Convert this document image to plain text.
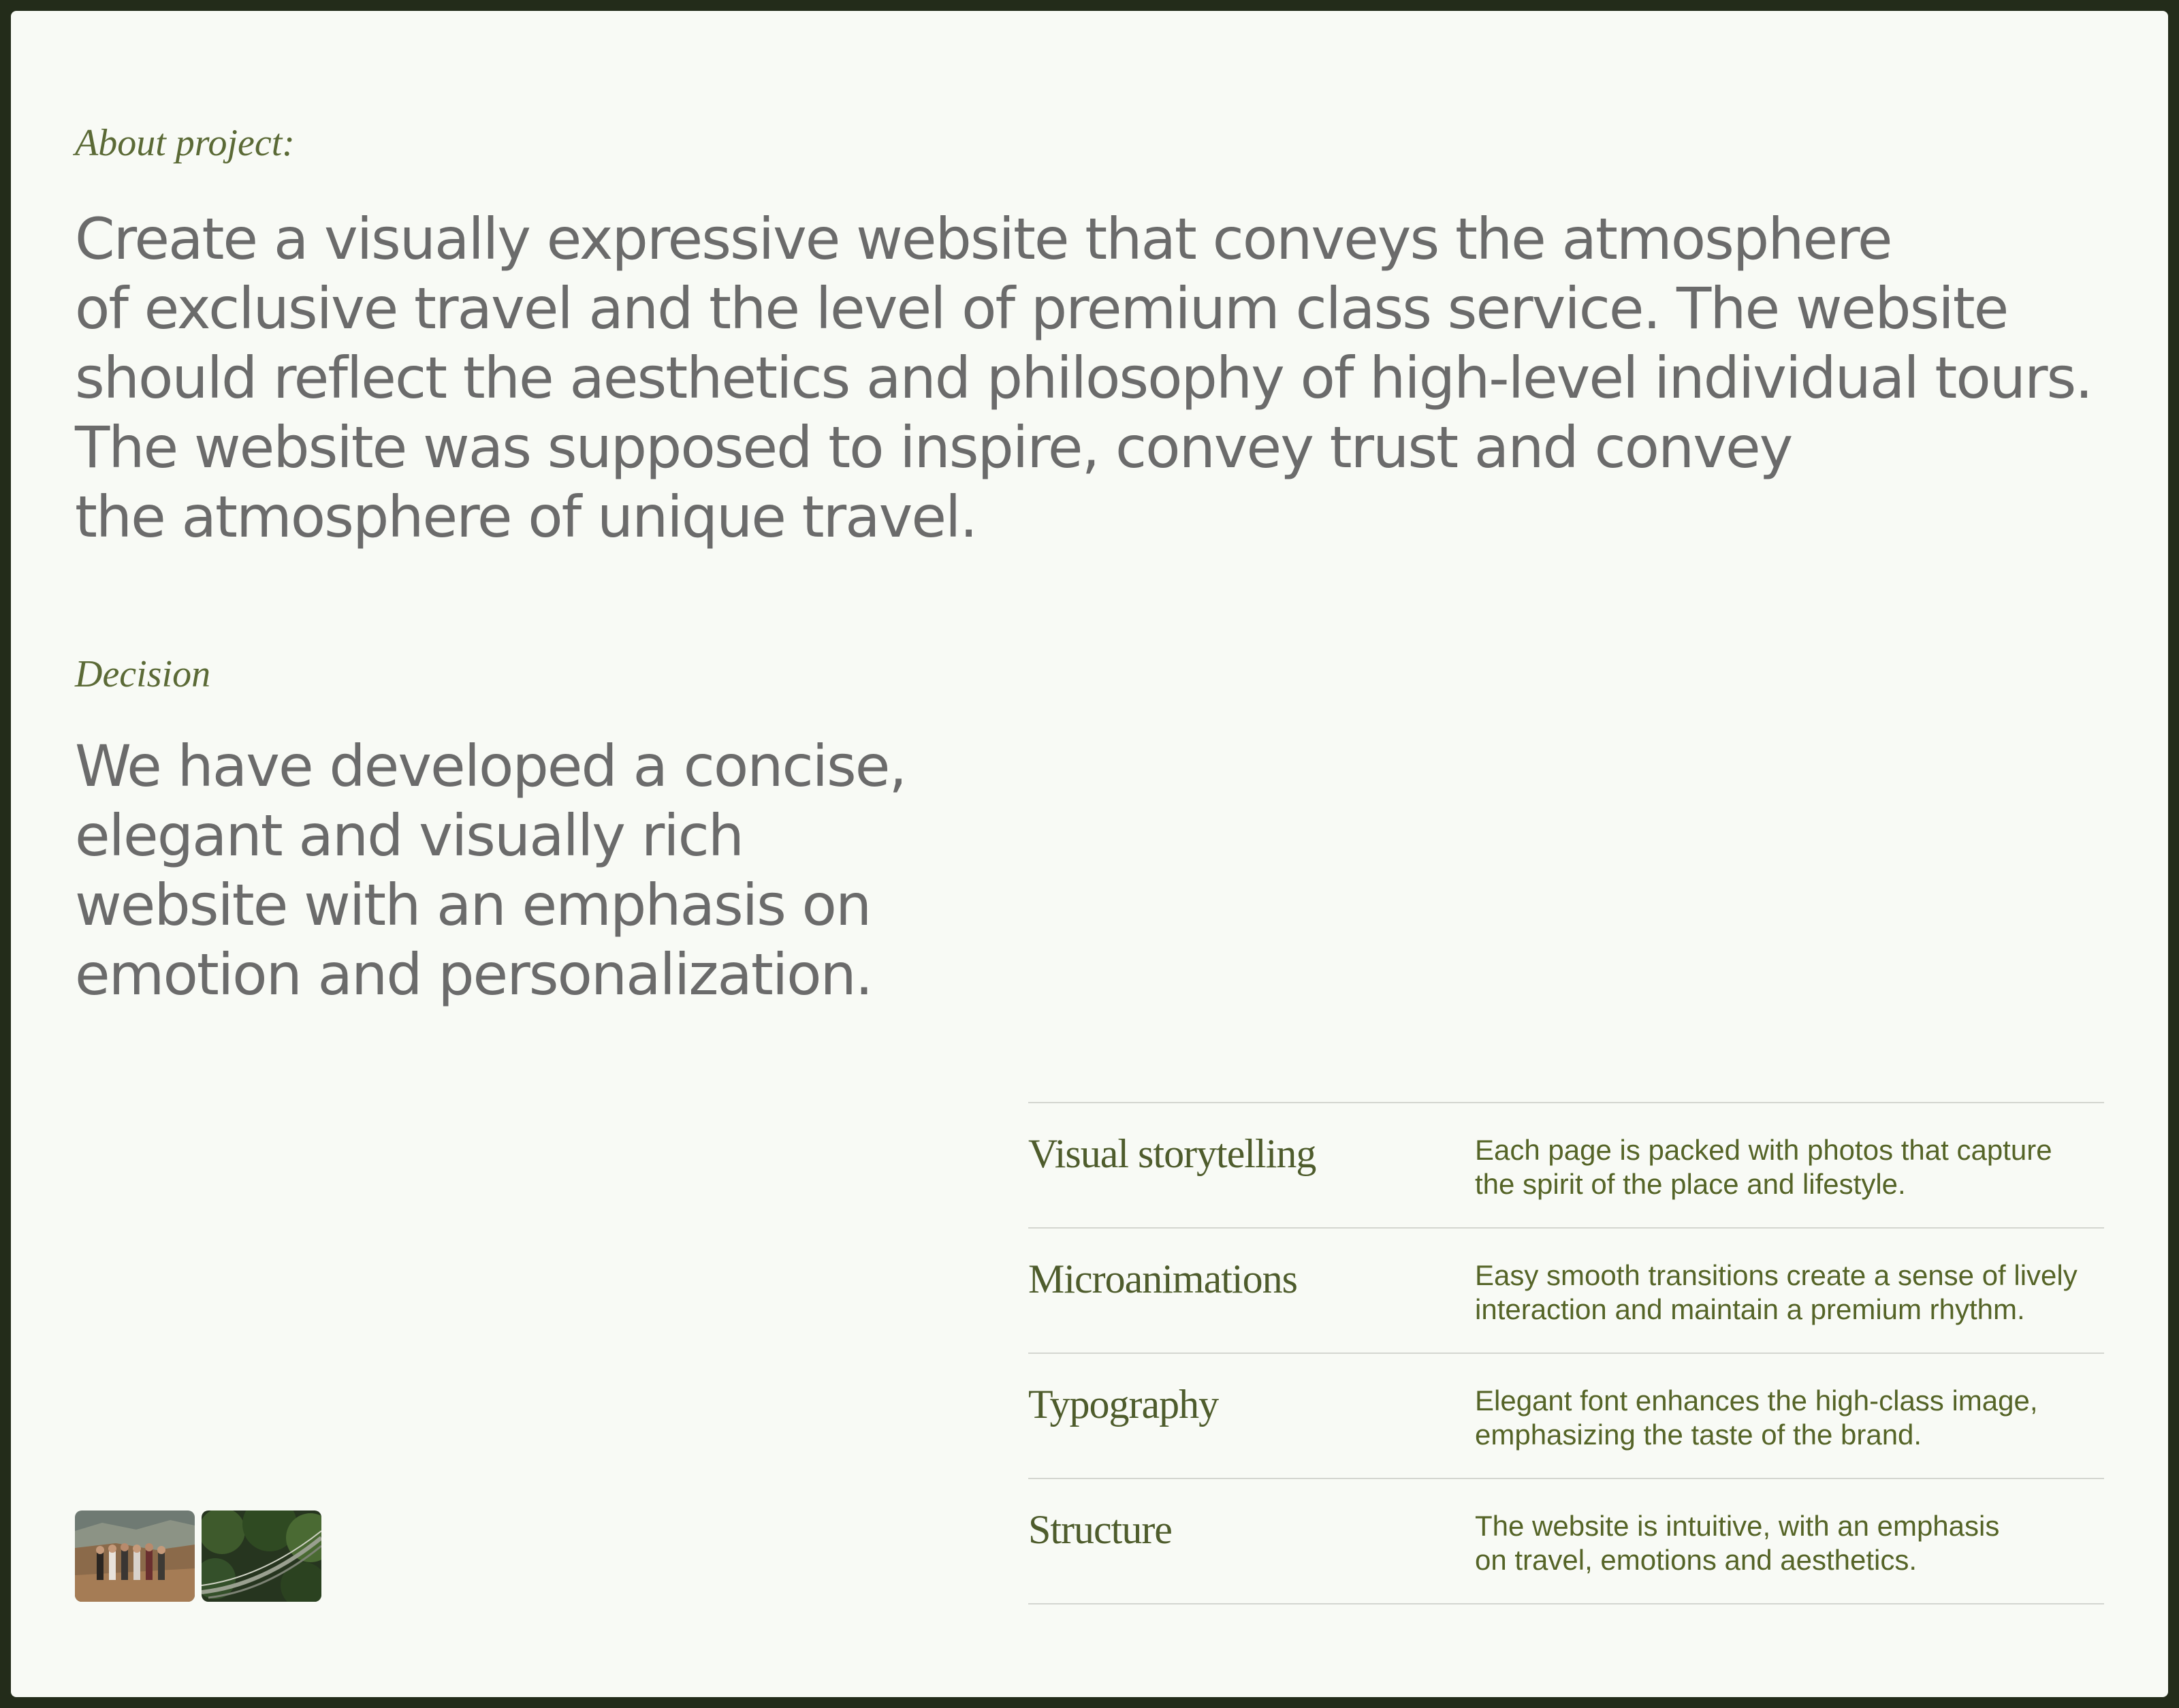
About project:

Create a visually expressive website that conveys the atmosphere
of exclusive travel and the level of premium class service. The website
should reflect the aesthetics and philosophy of high-level individual tours.
The website was supposed to inspire, convey trust and convey
the atmosphere of unique travel.

Decision

We have developed a concise,
elegant and visually rich
website with an emphasis on
emotion and personalization.

Visual storytelling	Each page is packed with photos that capture
the spirit of the place and lifestyle.
Microanimations	Easy smooth transitions create a sense of lively
interaction and maintain a premium rhythm.
Typography	Elegant font enhances the high-class image,
emphasizing the taste of the brand.
Structure	The website is intuitive, with an emphasis
on travel, emotions and aesthetics.
